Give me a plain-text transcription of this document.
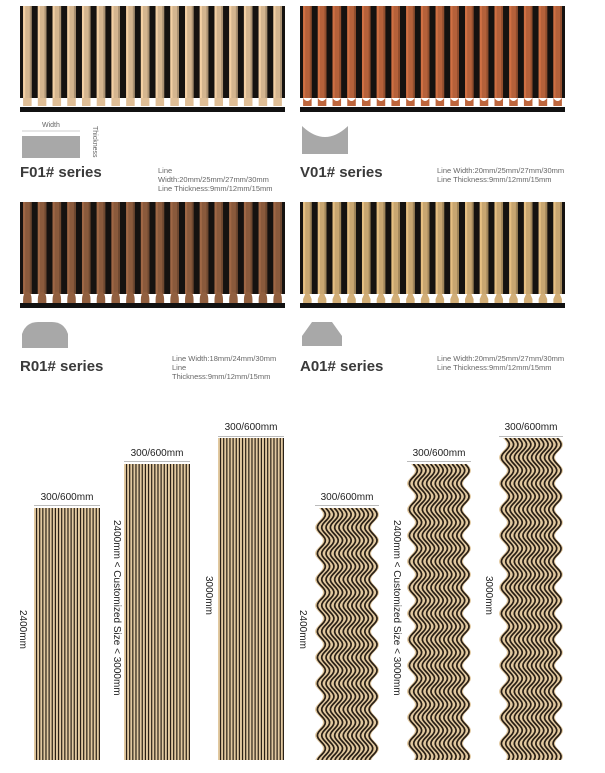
Width
Thickness
F01# series	Line Width:20mm/25mm/27mm/30mm
Line Thickness:9mm/12mm/15mm
V01# series	Line Width:20mm/25mm/27mm/30mm
Line Thickness:9mm/12mm/15mm
R01# series	Line Width:18mm/24mm/30mm
Line Thickness:9mm/12mm/15mm
A01# series	Line Width:20mm/25mm/27mm/30mm
Line Thickness:9mm/12mm/15mm
300/600mm
2400mm
300/600mm
2400mm < Customized Size < 3000mm
300/600mm
3000mm
300/600mm
2400mm
300/600mm
2400mm < Customized Size < 3000mm
300/600mm
3000mm
